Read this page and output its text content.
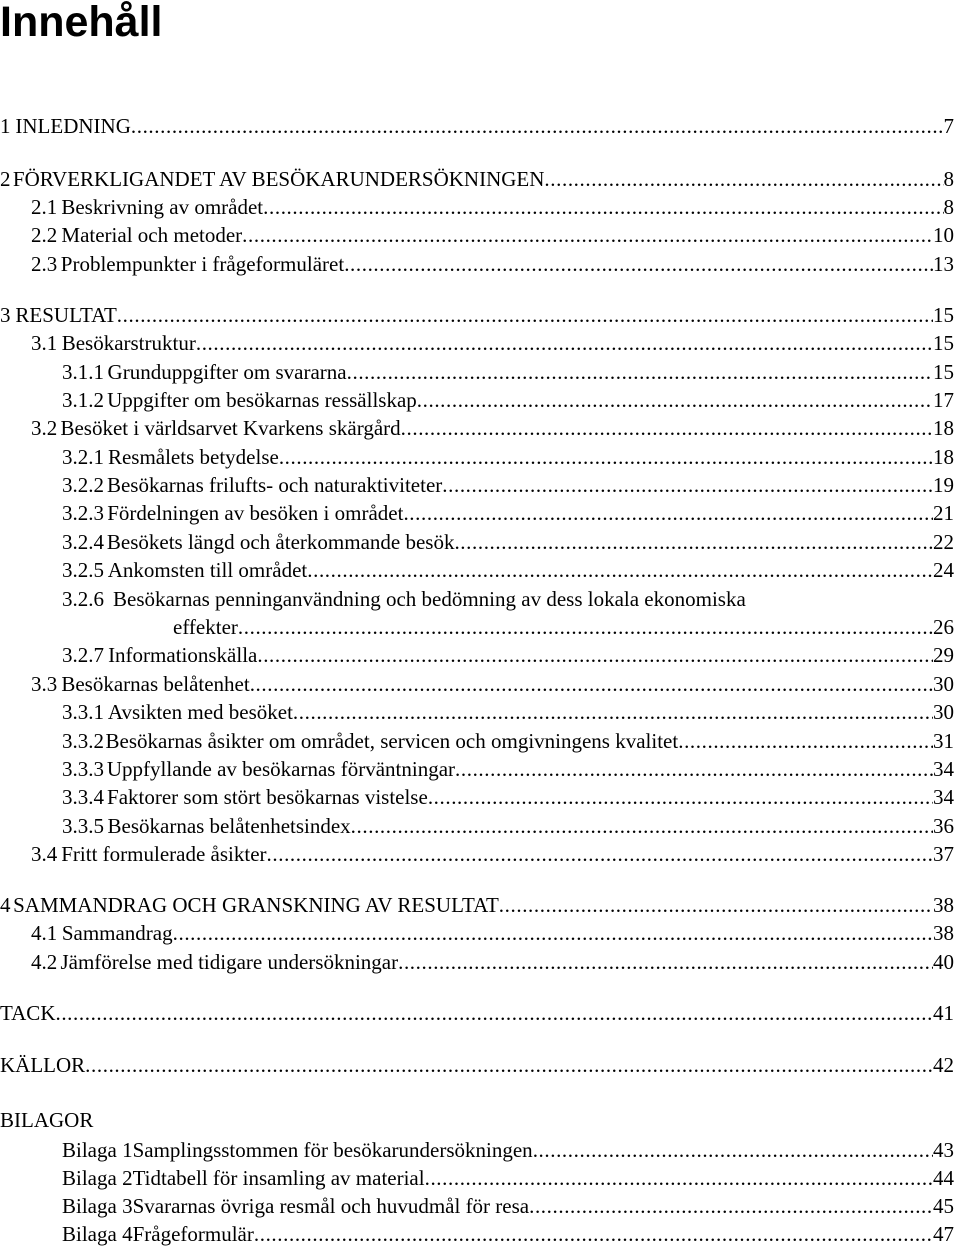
Innehåll
1 INLEDNING .....	7
2 FÖRVERKLIGANDET AV BESÖKARUNDERSÖKNINGEN .....	8
2.1 Beskrivning av området .....	8
2.2 Material och metoder .....	10
2.3 Problempunkter i frågeformuläret .....	13
3 RESULTAT .....	15
3.1 Besökarstruktur .....	15
3.1.1 Grunduppgifter om svararna .....	15
3.1.2 Uppgifter om besökarnas ressällskap .....	17
3.2 Besöket i världsarvet Kvarkens skärgård .....	18
3.2.1 Resmålets betydelse .....	18
3.2.2 Besökarnas frilufts- och naturaktiviteter .....	19
3.2.3 Fördelningen av besöken i området .....	21
3.2.4 Besökets längd och återkommande besök .....	22
3.2.5 Ankomsten till området .....	24
3.2.6 Besökarnas penninganvändning och bedömning av dess lokala ekonomiska
effekter .....	26
3.2.7 Informationskälla .....	29
3.3 Besökarnas belåtenhet .....	30
3.3.1 Avsikten med besöket .....	30
3.3.2 Besökarnas åsikter om området, servicen och omgivningens kvalitet .....	31
3.3.3 Uppfyllande av besökarnas förväntningar .....	34
3.3.4 Faktorer som stört besökarnas vistelse .....	34
3.3.5 Besökarnas belåtenhetsindex .....	36
3.4 Fritt formulerade åsikter .....	37
4 SAMMANDRAG OCH GRANSKNING AV RESULTAT .....	38
4.1 Sammandrag .....	38
4.2 Jämförelse med tidigare undersökningar .....	40
TACK .....	41
KÄLLOR .....	42
BILAGOR
Bilaga 1 Samplingsstommen för besökarundersökningen .....	43
Bilaga 2 Tidtabell för insamling av material .....	44
Bilaga 3 Svararnas övriga resmål och huvudmål för resa .....	45
Bilaga 4 Frågeformulär .....	47
